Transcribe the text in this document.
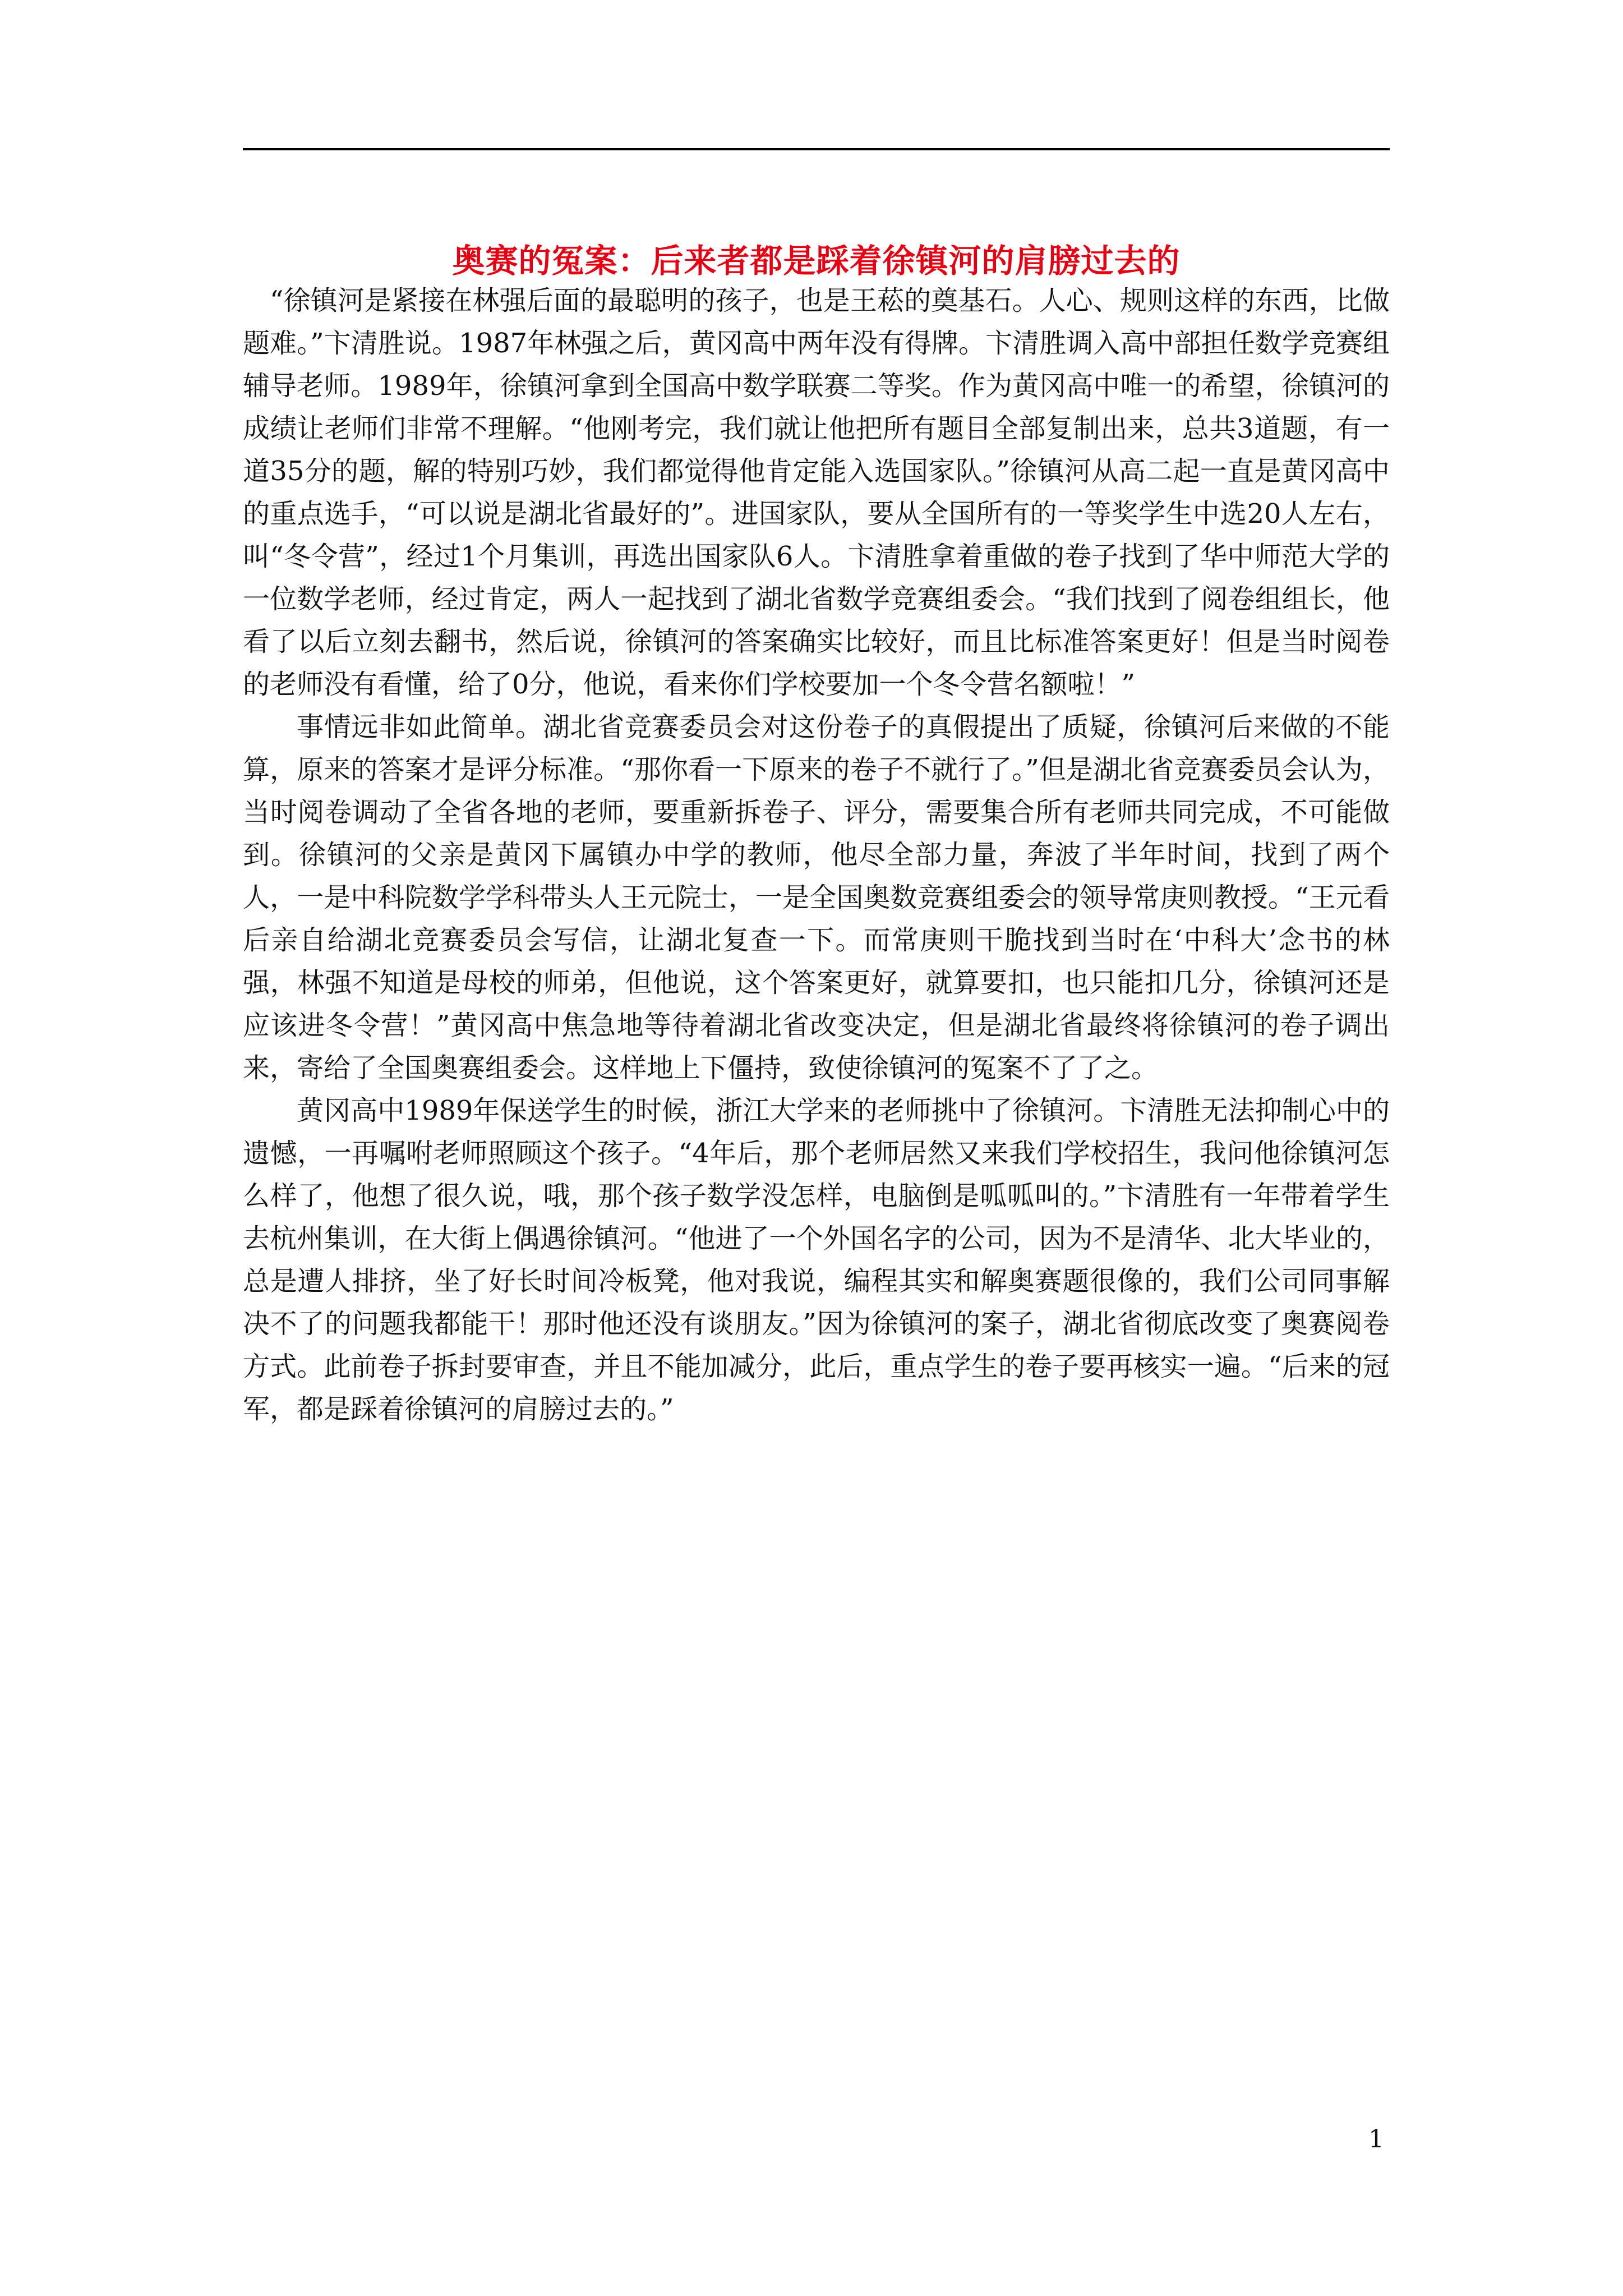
奥赛的冤案：后来者都是踩着徐镇河的肩膀过去的

“徐镇河是紧接在林强后面的最聪明的孩子，也是王菘的奠基石。人心、规则这样的东西，比做题难。”卞清胜说。1987年林强之后，黄冈高中两年没有得牌。卞清胜调入高中部担任数学竞赛组辅导老师。1989年，徐镇河拿到全国高中数学联赛二等奖。作为黄冈高中唯一的希望，徐镇河的成绩让老师们非常不理解。“他刚考完，我们就让他把所有题目全部复制出来，总共3道题，有一道35分的题，解的特别巧妙，我们都觉得他肯定能入选国家队。”徐镇河从高二起一直是黄冈高中的重点选手，“可以说是湖北省最好的”。进国家队，要从全国所有的一等奖学生中选20人左右，叫“冬令营”，经过1个月集训，再选出国家队6人。卞清胜拿着重做的卷子找到了华中师范大学的一位数学老师，经过肯定，两人一起找到了湖北省数学竞赛组委会。“我们找到了阅卷组组长，他看了以后立刻去翻书，然后说，徐镇河的答案确实比较好，而且比标准答案更好！但是当时阅卷的老师没有看懂，给了0分，他说，看来你们学校要加一个冬令营名额啦！”

事情远非如此简单。湖北省竞赛委员会对这份卷子的真假提出了质疑，徐镇河后来做的不能算，原来的答案才是评分标准。“那你看一下原来的卷子不就行了。”但是湖北省竞赛委员会认为，当时阅卷调动了全省各地的老师，要重新拆卷子、评分，需要集合所有老师共同完成，不可能做到。徐镇河的父亲是黄冈下属镇办中学的教师，他尽全部力量，奔波了半年时间，找到了两个人，一是中科院数学学科带头人王元院士，一是全国奥数竞赛组委会的领导常庚则教授。“王元看后亲自给湖北竞赛委员会写信，让湖北复查一下。而常庚则干脆找到当时在‘中科大’念书的林强，林强不知道是母校的师弟，但他说，这个答案更好，就算要扣，也只能扣几分，徐镇河还是应该进冬令营！”黄冈高中焦急地等待着湖北省改变决定，但是湖北省最终将徐镇河的卷子调出来，寄给了全国奥赛组委会。这样地上下僵持，致使徐镇河的冤案不了了之。

黄冈高中1989年保送学生的时候，浙江大学来的老师挑中了徐镇河。卞清胜无法抑制心中的遗憾，一再嘱咐老师照顾这个孩子。“4年后，那个老师居然又来我们学校招生，我问他徐镇河怎么样了，他想了很久说，哦，那个孩子数学没怎样，电脑倒是呱呱叫的。”卞清胜有一年带着学生去杭州集训，在大街上偶遇徐镇河。“他进了一个外国名字的公司，因为不是清华、北大毕业的，总是遭人排挤，坐了好长时间冷板凳，他对我说，编程其实和解奥赛题很像的，我们公司同事解决不了的问题我都能干！那时他还没有谈朋友。”因为徐镇河的案子，湖北省彻底改变了奥赛阅卷方式。此前卷子拆封要审查，并且不能加减分，此后，重点学生的卷子要再核实一遍。“后来的冠军，都是踩着徐镇河的肩膀过去的。”

1
